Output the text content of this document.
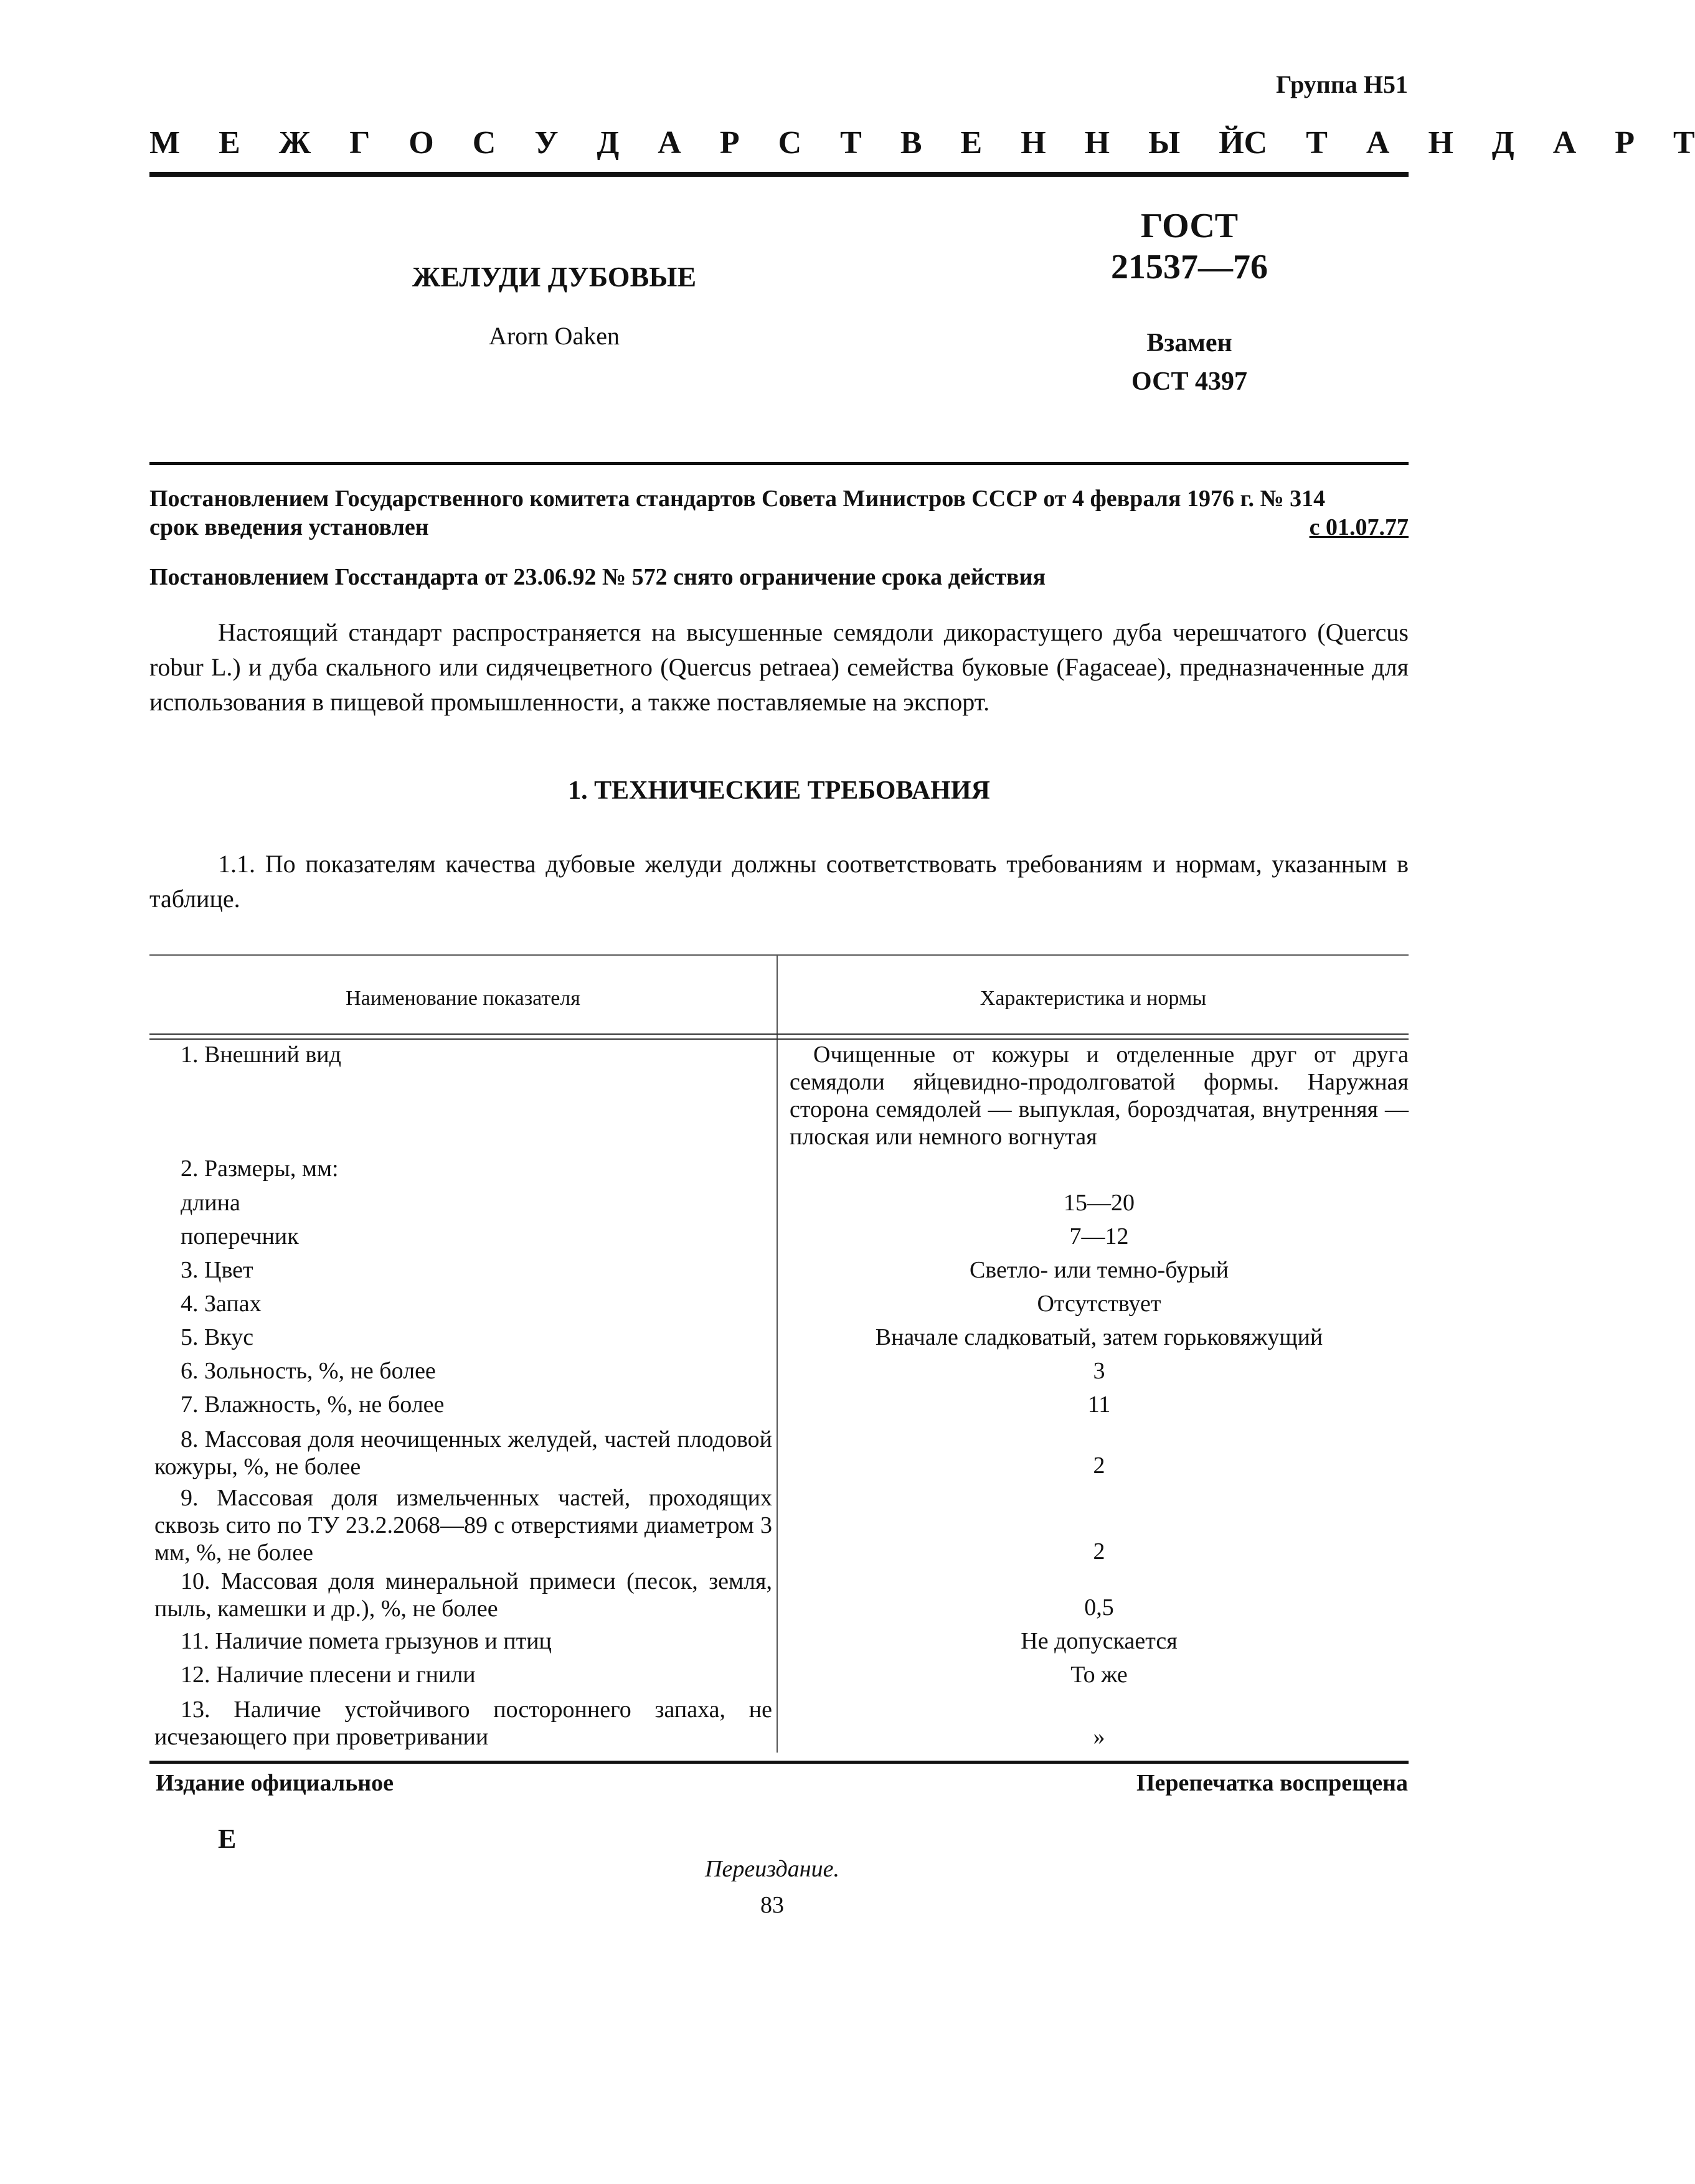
Группа Н51
М Е Ж Г О С У Д А Р С Т В Е Н Н Ы Й С Т А Н Д А Р Т
ЖЕЛУДИ ДУБОВЫЕ
Arorn Oaken
ГОСТ
21537—76
Взамен
ОСТ 4397
Постановлением Государственного комитета стандартов Совета Министров СССР от 4 февраля 1976 г. № 314
срок введения установлен	с 01.07.77
Постановлением Госстандарта от 23.06.92 № 572 снято ограничение срока действия
Настоящий стандарт распространяется на высушенные семядоли дикорастущего дуба черешчатого (Quercus robur L.) и дуба скального или сидячецветного (Quercus petraea) семейства буковые (Fagaceae), предназначенные для использования в пищевой промышленности, а также поставляемые на экспорт.
1. ТЕХНИЧЕСКИЕ ТРЕБОВАНИЯ
1.1. По показателям качества дубовые желуди должны соответствовать требованиям и нормам, указанным в таблице.
Наименование показателя	Характеристика и нормы
1. Внешний вид	Очищенные от кожуры и отделенные друг от друга семядоли яйцевидно-продолговатой формы. Наружная сторона семядолей — выпуклая, бороздчатая, внутренняя — плоская или немного вогнутая
2. Размеры, мм:
длина	15—20
поперечник	7—12
3. Цвет	Светло- или темно-бурый
4. Запах	Отсутствует
5. Вкус	Вначале сладковатый, затем горьковяжущий
6. Зольность, %, не более	3
7. Влажность, %, не более	11
8. Массовая доля неочищенных желудей, частей плодовой кожуры, %, не более	2
9. Массовая доля измельченных частей, проходящих сквозь сито по ТУ 23.2.2068—89 с отверстиями диаметром 3 мм, %, не более	2
10. Массовая доля минеральной примеси (песок, земля, пыль, камешки и др.), %, не более	0,5
11. Наличие помета грызунов и птиц	Не допускается
12. Наличие плесени и гнили	То же
13. Наличие устойчивого постороннего запаха, не исчезающего при проветривании	»
Издание официальное	Перепечатка воспрещена
E
Переиздание.
83
